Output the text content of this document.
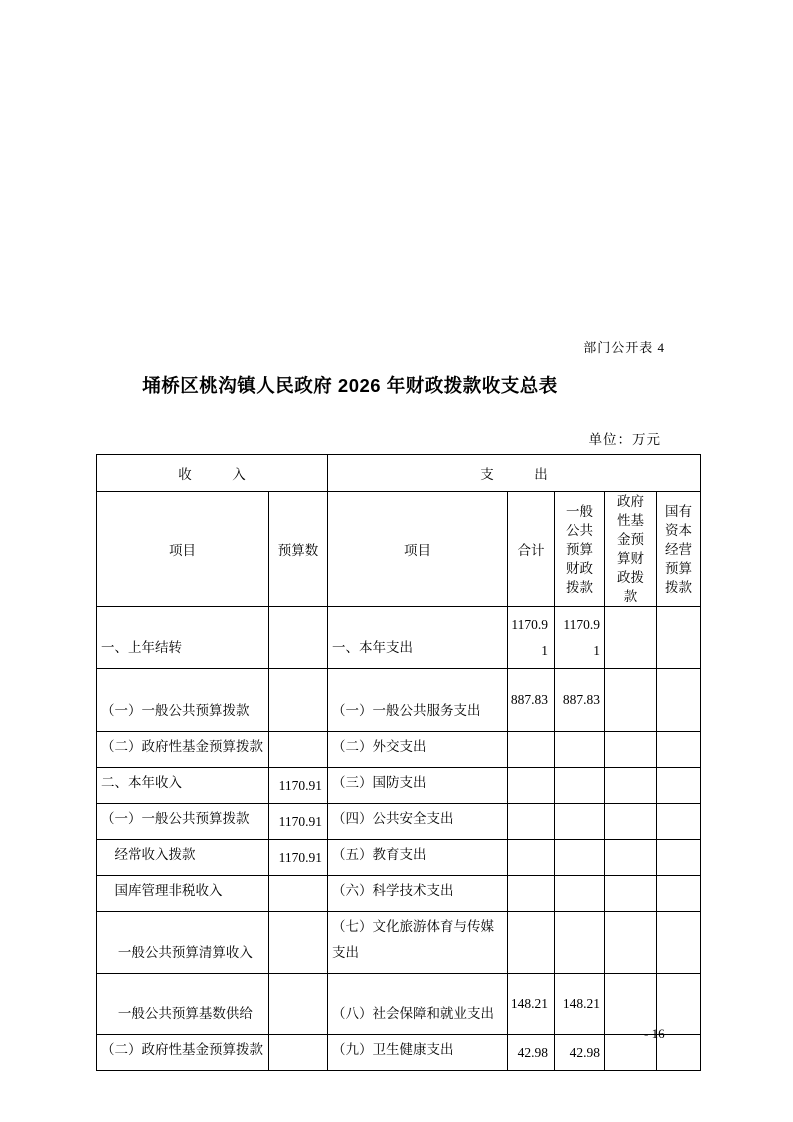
部门公开表 4
埇桥区桃沟镇人民政府 2026 年财政拨款收支总表
单位：万元
收　　　入		支　　　出				
项目	预算数	项目	合计	一般公共预算财政拨款	政府性基金预算财政拨款	国有资本经营预算拨款
一、上年结转		一、本年支出	1170.91	1170.91		
（一）一般公共预算拨款		（一）一般公共服务支出	887.83	887.83		
（二）政府性基金预算拨款		（二）外交支出				
二、本年收入	1170.91	（三）国防支出				
（一）一般公共预算拨款	1170.91	（四）公共安全支出				
　经常收入拨款	1170.91	（五）教育支出				
　国库管理非税收入		（六）科学技术支出				
　 一般公共预算清算收入		（七）文化旅游体育与传媒支出				
　 一般公共预算基数供给		（八）社会保障和就业支出	148.21	148.21		
（二）政府性基金预算拨款		（九）卫生健康支出	42.98	42.98		
- 16
